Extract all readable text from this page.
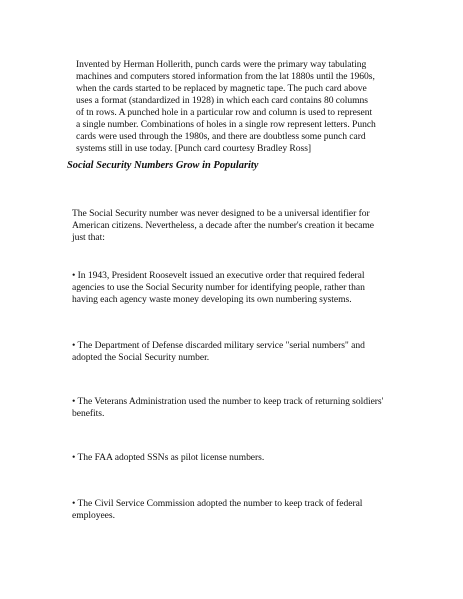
Invented by Herman Hollerith, punch cards were the primary way tabulating machines and computers stored information from the lat 1880s until the 1960s, when the cards started to be replaced by magnetic tape. The puch card above uses a format (standardized in 1928) in which each card contains 80 columns of tn rows. A punched hole in a particular row and column is used to represent a single number. Combinations of holes in a single row represent letters. Punch cards were used through the 1980s, and there are doubtless some punch card systems still in use today. [Punch card courtesy Bradley Ross]

Social Security Numbers Grow in Popularity

The Social Security number was never designed to be a universal identifier for American citizens. Nevertheless, a decade after the number's creation it became just that:

• In 1943, President Roosevelt issued an executive order that required federal agencies to use the Social Security number for identifying people, rather than having each agency waste money developing its own numbering systems.

• The Department of Defense discarded military service "serial numbers" and adopted the Social Security number.

• The Veterans Administration used the number to keep track of returning soldiers' benefits.

• The FAA adopted SSNs as pilot license numbers.

• The Civil Service Commission adopted the number to keep track of federal employees.
